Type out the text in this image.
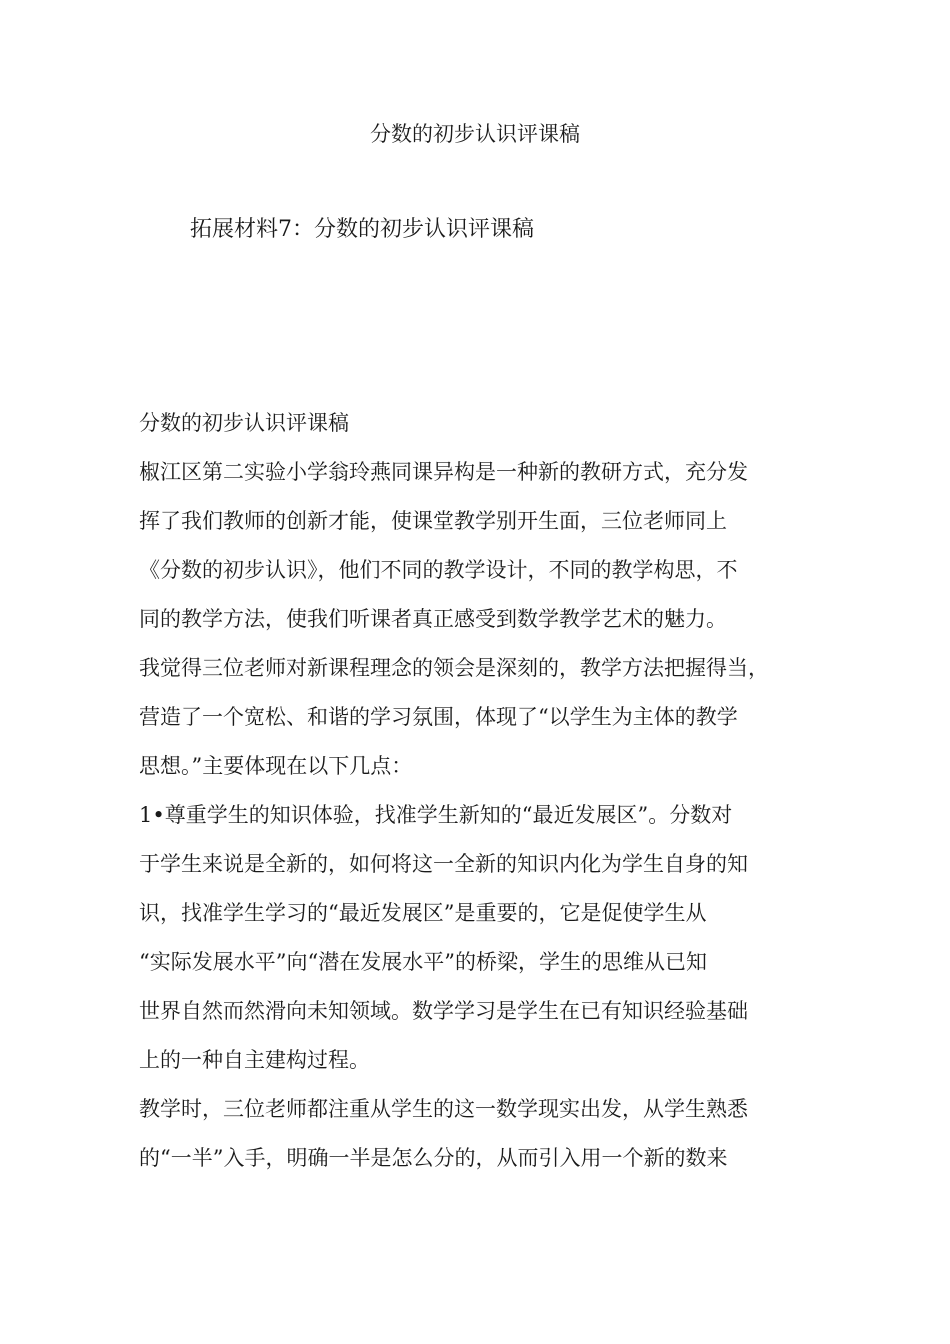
分数的初步认识评课稿
拓展材料7：分数的初步认识评课稿
分数的初步认识评课稿
椒江区第二实验小学翁玲燕同课异构是一种新的教研方式，充分发
挥了我们教师的创新才能，使课堂教学别开生面，三位老师同上
《分数的初步认识》，他们不同的教学设计，不同的教学构思，不
同的教学方法，使我们听课者真正感受到数学教学艺术的魅力。
我觉得三位老师对新课程理念的领会是深刻的，教学方法把握得当，
营造了一个宽松、和谐的学习氛围，体现了“以学生为主体的教学
思想。”主要体现在以下几点：
1•尊重学生的知识体验，找准学生新知的“最近发展区”。分数对
于学生来说是全新的，如何将这一全新的知识内化为学生自身的知
识，找准学生学习的“最近发展区”是重要的，它是促使学生从
“实际发展水平”向“潜在发展水平”的桥梁，学生的思维从已知
世界自然而然滑向未知领域。数学学习是学生在已有知识经验基础
上的一种自主建构过程。
教学时，三位老师都注重从学生的这一数学现实出发，从学生熟悉
的“一半”入手，明确一半是怎么分的，从而引入用一个新的数来
